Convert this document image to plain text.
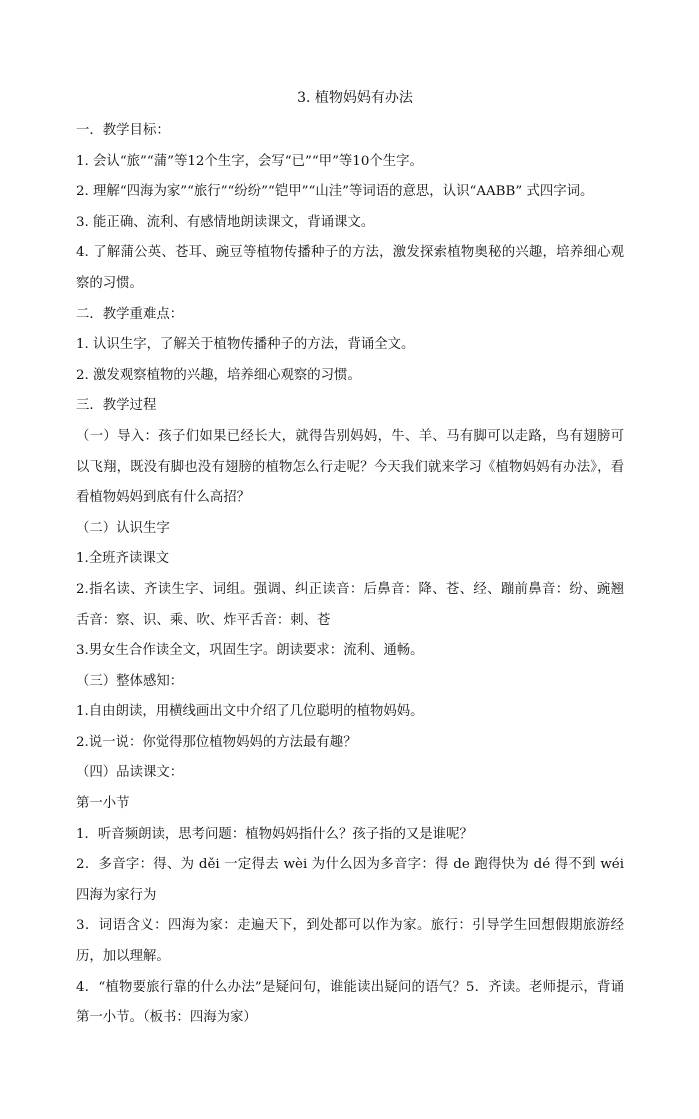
3. 植物妈妈有办法

一．教学目标：

1. 会认“旅”“蒲”等12个生字，会写“已”“甲”等10个生字。

2. 理解“四海为家”“旅行”“纷纷”“铠甲”“山洼”等词语的意思，认识“AABB” 式四字词。

3. 能正确、流利、有感情地朗读课文，背诵课文。

4. 了解蒲公英、苍耳、豌豆等植物传播种子的方法，激发探索植物奥秘的兴趣，培养细心观察的习惯。

二．教学重难点：

1. 认识生字，了解关于植物传播种子的方法，背诵全文。

2. 激发观察植物的兴趣，培养细心观察的习惯。

三．教学过程

（一）导入：孩子们如果已经长大，就得告别妈妈，牛、羊、马有脚可以走路，鸟有翅膀可以飞翔，既没有脚也没有翅膀的植物怎么行走呢？今天我们就来学习《植物妈妈有办法》，看看植物妈妈到底有什么高招？

（二）认识生字

1.全班齐读课文

2.指名读、齐读生字、词组。强调、纠正读音：后鼻音：降、苍、经、蹦前鼻音：纷、豌翘舌音：察、识、乘、吹、炸平舌音：刺、苍

3.男女生合作读全文，巩固生字。朗读要求：流利、通畅。

（三）整体感知：

1.自由朗读，用横线画出文中介绍了几位聪明的植物妈妈。

2.说一说：你觉得那位植物妈妈的方法最有趣？

（四）品读课文：

第一小节

1．听音频朗读，思考问题：植物妈妈指什么？孩子指的又是谁呢？

2．多音字：得、为 děi 一定得去 wèi 为什么因为多音字：得 de 跑得快为 dé 得不到 wéi 四海为家行为

3．词语含义：四海为家：走遍天下，到处都可以作为家。旅行：引导学生回想假期旅游经历，加以理解。

4．“植物要旅行靠的什么办法”是疑问句，谁能读出疑问的语气？5．齐读。老师提示，背诵第一小节。（板书：四海为家）
